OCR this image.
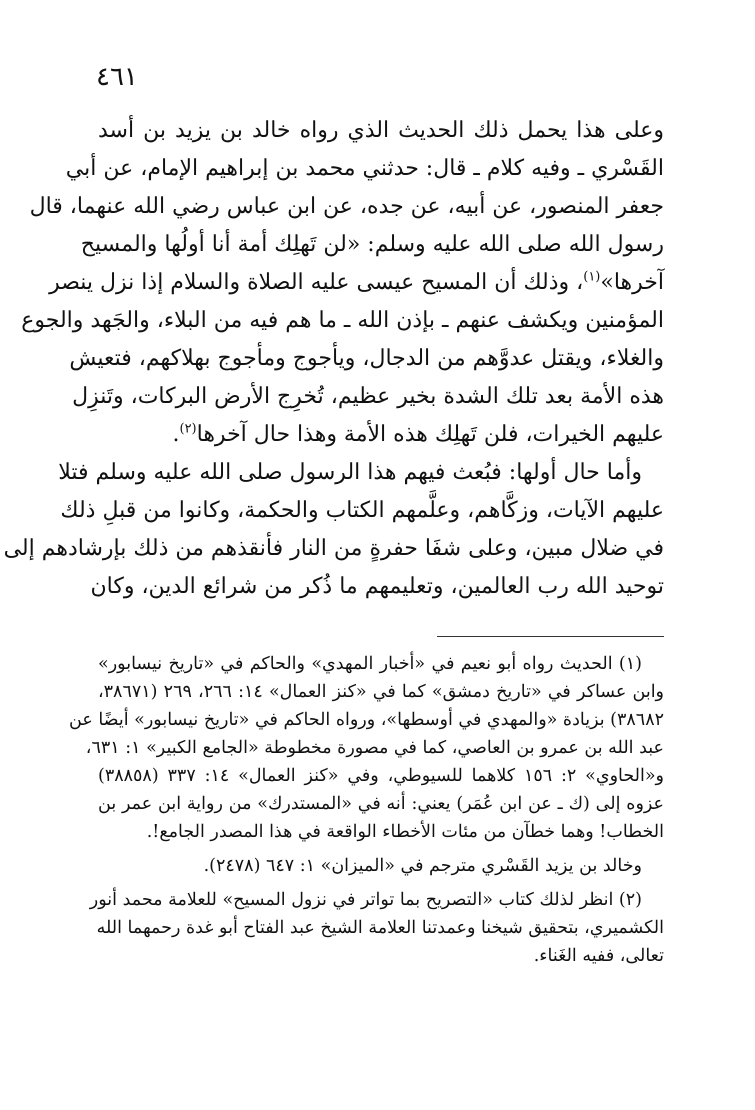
٤٦١
وعلى هذا يحمل ذلك الحديث الذي رواه خالد بن يزيد بن أسد
القَسْري ـ وفيه كلام ـ قال: حدثني محمد بن إبراهيم الإمام، عن أبي
جعفر المنصور، عن أبيه، عن جده، عن ابن عباس رضي الله عنهما، قال
رسول الله صلى الله عليه وسلم: «لن تَهلِك أمة أنا أولُها والمسيح
آخرها»$^{(١)}$، وذلك أن المسيح عيسى عليه الصلاة والسلام إذا نزل ينصر
المؤمنين ويكشف عنهم ـ بإذن الله ـ ما هم فيه من البلاء، والجَهد والجوع
والغلاء، ويقتل عدوَّهم من الدجال، ويأجوج ومأجوج بهلاكهم، فتعيش
هذه الأمة بعد تلك الشدة بخير عظيم، تُخرِج الأرض البركات، وتَنزِل
عليهم الخيرات، فلن تَهلِك هذه الأمة وهذا حال آخرها$^{(٢)}$.
وأما حال أولها: فبُعث فيهم هذا الرسول صلى الله عليه وسلم فتلا
عليهم الآيات، وزكَّاهم، وعلَّمهم الكتاب والحكمة، وكانوا من قبلِ ذلك
في ضلال مبين، وعلى شفَا حفرةٍ من النار فأنقذهم من ذلك بإرشادهم إلى
توحيد الله رب العالمين، وتعليمهم ما ذُكر من شرائع الدين، وكان
(١) الحديث رواه أبو نعيم في «أخبار المهدي» والحاكم في «تاريخ نيسابور»
وابن عساكر في «تاريخ دمشق» كما في «كنز العمال» ١٤: ٢٦٦، ٢٦٩ (٣٨٦٧١،
٣٨٦٨٢) بزيادة «والمهدي في أوسطها»، ورواه الحاكم في «تاريخ نيسابور» أيضًا عن
عبد الله بن عمرو بن العاصي، كما في مصورة مخطوطة «الجامع الكبير» ١: ٦٣١،
و«الحاوي» ٢: ١٥٦ كلاهما للسيوطي، وفي «كنز العمال» ١٤: ٣٣٧ (٣٨٨٥٨)
عزوه إلى (ك ـ عن ابن عُمَر) يعني: أنه في «المستدرك» من رواية ابن عمر بن
الخطاب! وهما خطآن من مئات الأخطاء الواقعة في هذا المصدر الجامع!.
وخالد بن يزيد القَسْري مترجم في «الميزان» ١: ٦٤٧ (٢٤٧٨).
(٢) انظر لذلك كتاب «التصريح بما تواتر في نزول المسيح» للعلامة محمد أنور
الكشميري، بتحقيق شيخنا وعمدتنا العلامة الشيخ عبد الفتاح أبو غدة رحمهما الله
تعالى، ففيه الغَناء.
